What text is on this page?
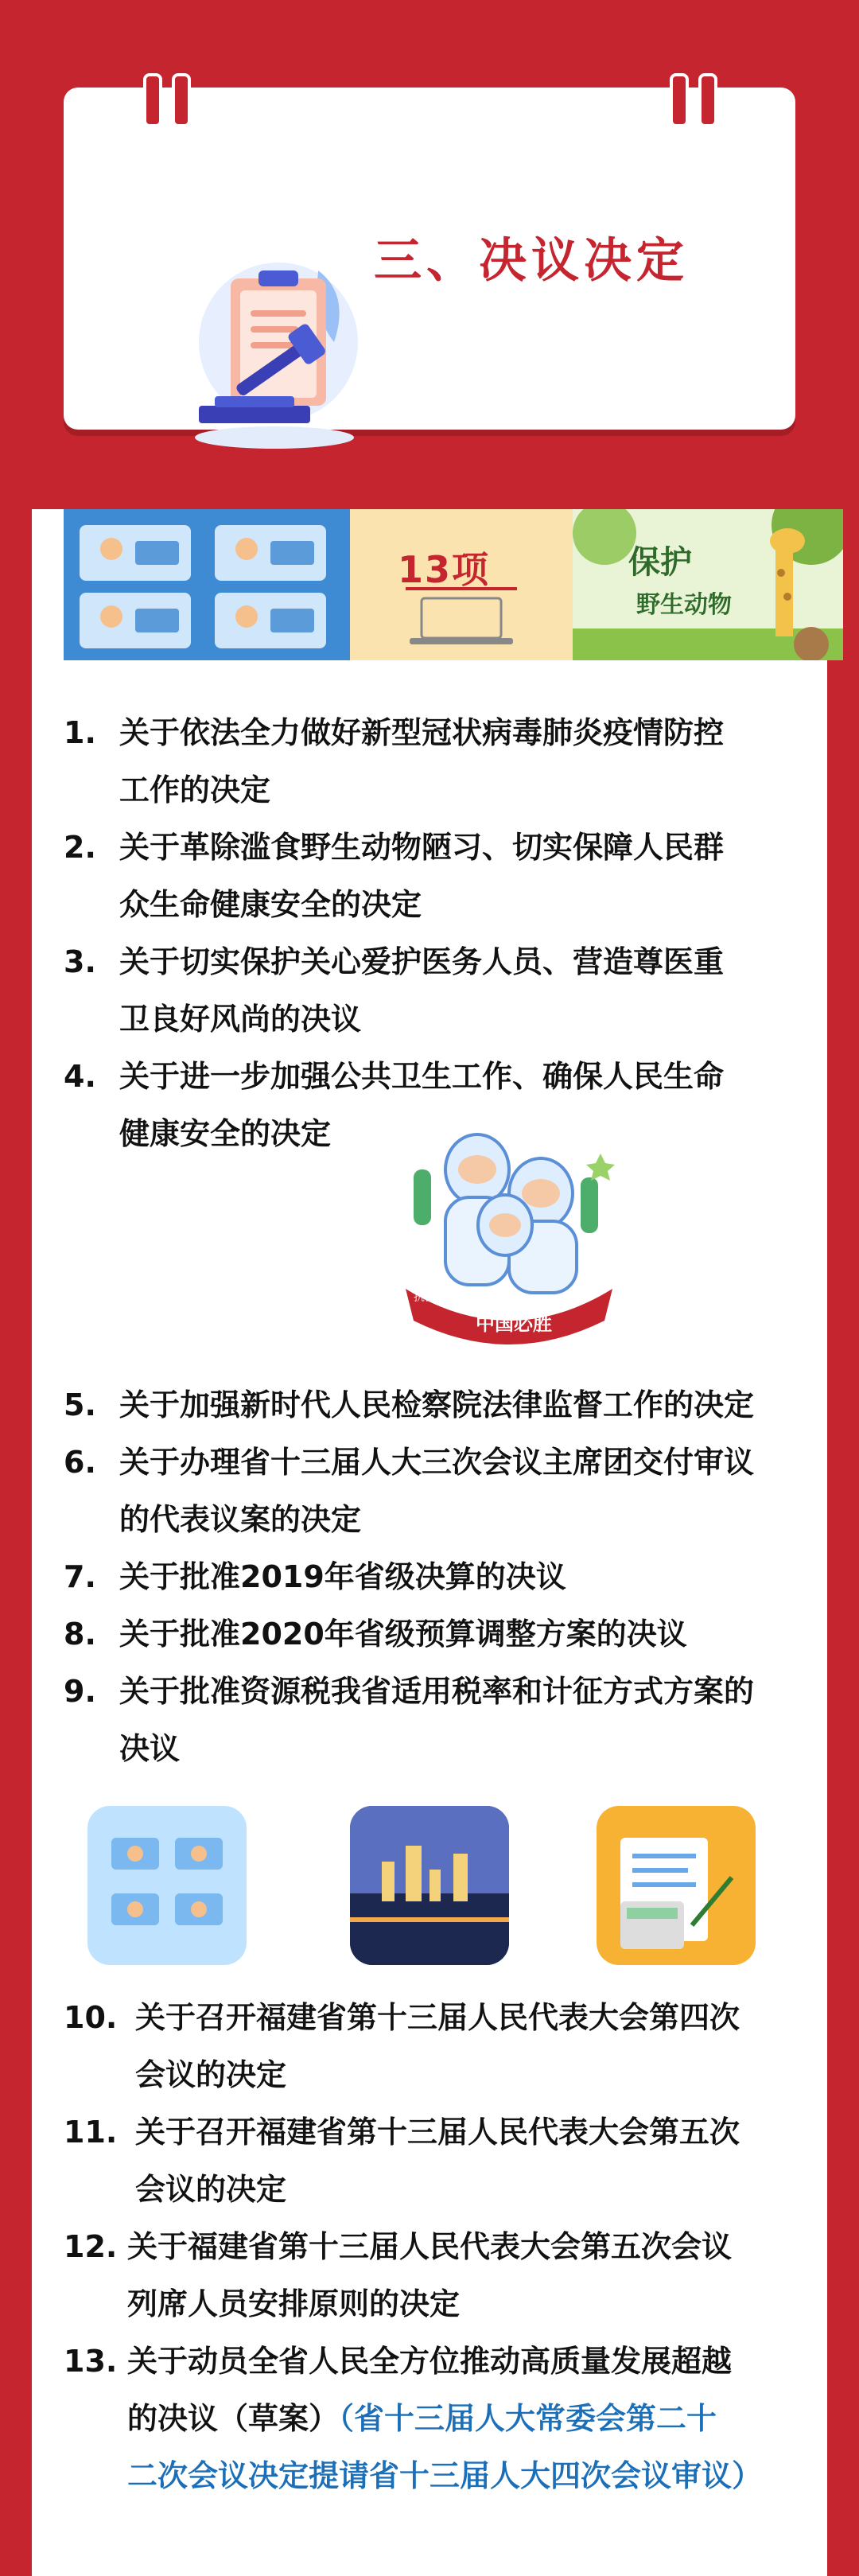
三、决议决定
13项	保护
野生动物
1. 关于依法全力做好新型冠状病毒肺炎疫情防控
工作的决定
2. 关于革除滥食野生动物陋习、切实保障人民群
众生命健康安全的决定
3. 关于切实保护关心爱护医务人员、营造尊医重
卫良好风尚的决议
4. 关于进一步加强公共卫生工作、确保人民生命
健康安全的决定
中国必胜
抗击疫情
5. 关于加强新时代人民检察院法律监督工作的决定
6. 关于办理省十三届人大三次会议主席团交付审议
的代表议案的决定
7. 关于批准2019年省级决算的决议
8. 关于批准2020年省级预算调整方案的决议
9. 关于批准资源税我省适用税率和计征方式方案的
决议
10. 关于召开福建省第十三届人民代表大会第四次
会议的决定
11. 关于召开福建省第十三届人民代表大会第五次
会议的决定
12. 关于福建省第十三届人民代表大会第五次会议
列席人员安排原则的决定
13. 关于动员全省人民全方位推动高质量发展超越
的决议（草案）（省十三届人大常委会第二十
二次会议决定提请省十三届人大四次会议审议）
